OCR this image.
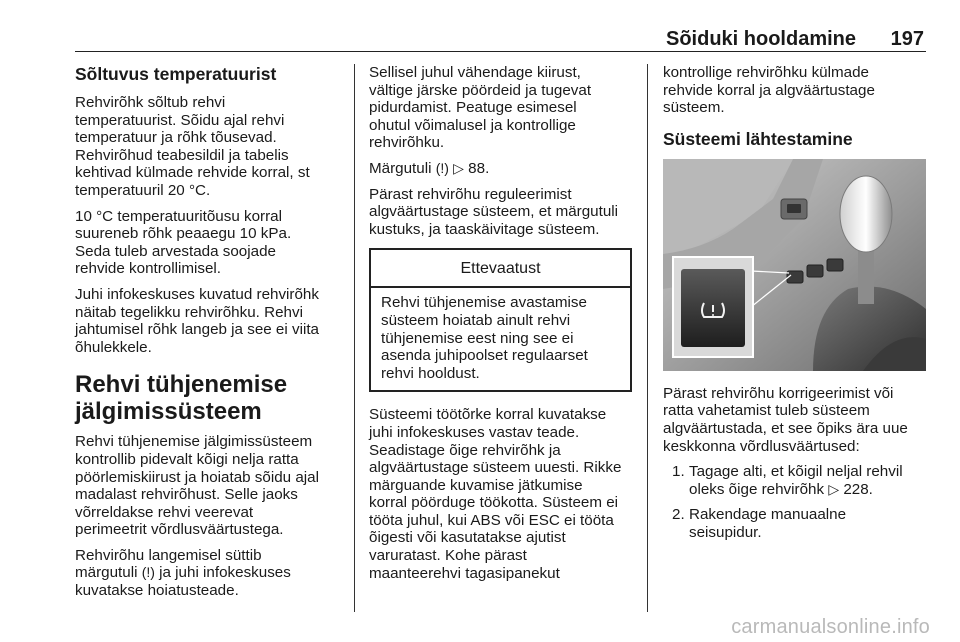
Sõiduki hooldamine 197
Sõltuvus temperatuurist

Rehvirõhk sõltub rehvi
temperatuurist. Sõidu ajal rehvi
temperatuur ja rõhk tõusevad.
Rehvirõhud teabesildil ja tabelis
kehtivad külmade rehvide korral, st
temperatuuril 20 °C.

10 °C temperatuuritõusu korral
suureneb rõhk peaaegu 10 kPa.
Seda tuleb arvestada soojade
rehvide kontrollimisel.

Juhi infokeskuses kuvatud rehvirõhk
näitab tegelikku rehvirõhku. Rehvi
jahtumisel rõhk langeb ja see ei viita
õhulekkele.

Rehvi tühjenemise
jälgimissüsteem

Rehvi tühjenemise jälgimissüsteem
kontrollib pidevalt kõigi nelja ratta
pöörlemiskiirust ja hoiatab sõidu ajal
madalast rehvirõhust. Selle jaoks
võrreldakse rehvi veerevat
perimeetrit võrdlusväärtustega.

Rehvirõhu langemisel süttib
märgutuli (!) ja juhi infokeskuses
kuvatakse hoiatusteade.

Sellisel juhul vähendage kiirust,
vältige järske pöördeid ja tugevat
pidurdamist. Peatuge esimesel
ohutul võimalusel ja kontrollige
rehvirõhku.

Märgutuli (!) ▷ 88.

Pärast rehvirõhu reguleerimist
algväärtustage süsteem, et märgutuli
kustuks, ja taaskäivitage süsteem.

Ettevaatust
Rehvi tühjenemise avastamise
süsteem hoiatab ainult rehvi
tühjenemise eest ning see ei
asenda juhipoolset regulaarset
rehvi hooldust.

Süsteemi töötõrke korral kuvatakse
juhi infokeskuses vastav teade.
Seadistage õige rehvirõhk ja
algväärtustage süsteem uuesti. Rikke
märguande kuvamise jätkumise
korral pöörduge töökotta. Süsteem ei
tööta juhul, kui ABS või ESC ei tööta
õigesti või kasutatakse ajutist
varuratast. Kohe pärast
maanteerehvi tagasipanekut

kontrollige rehvirõhku külmade
rehvide korral ja algväärtustage
süsteem.

Süsteemi lähtestamine

Pärast rehvirõhu korrigeerimist või
ratta vahetamist tuleb süsteem
algväärtustada, et see õpiks ära uue
keskkonna võrdlusväärtused:

1. Tagage alti, et kõigil neljal rehvil
oleks õige rehvirõhk ▷ 228.
2. Rakendage manuaalne
seisupidur.
carmanualsonline.info
